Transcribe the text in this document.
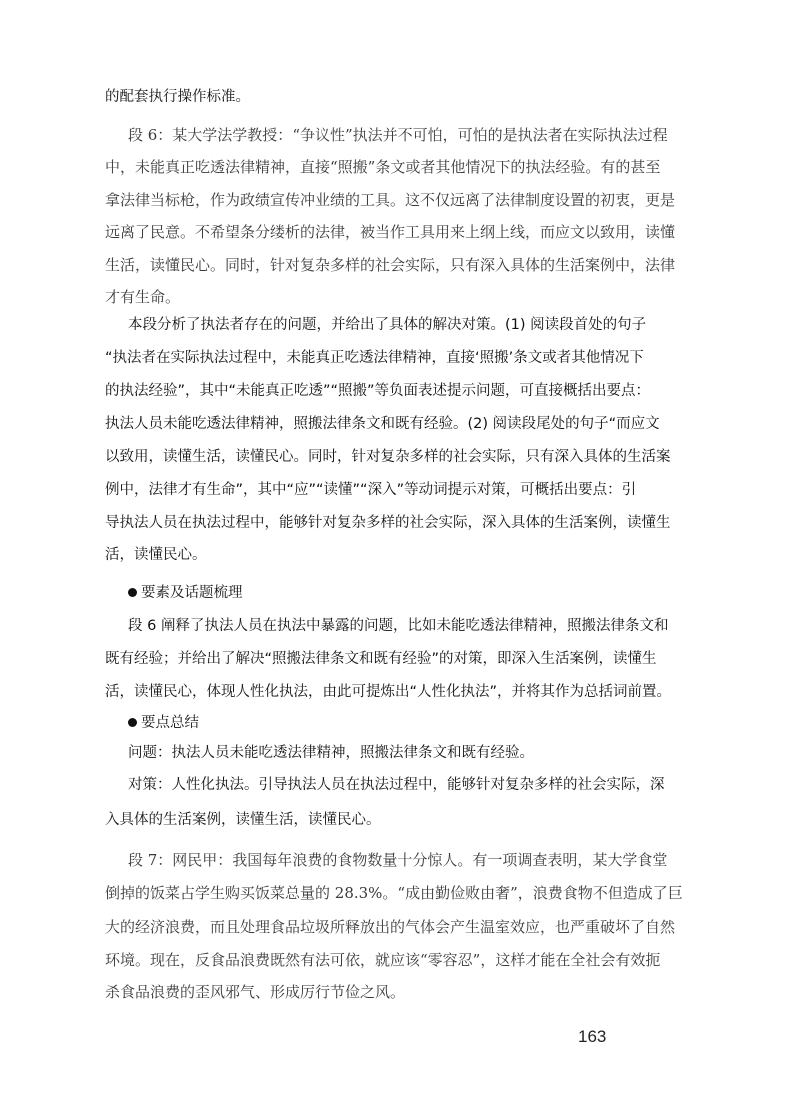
的配套执行操作标准。
段 6：某大学法学教授：“争议性”执法并不可怕，可怕的是执法者在实际执法过程
中，未能真正吃透法律精神，直接“照搬”条文或者其他情况下的执法经验。有的甚至
拿法律当标枪，作为政绩宣传冲业绩的工具。这不仅远离了法律制度设置的初衷，更是
远离了民意。不希望条分缕析的法律，被当作工具用来上纲上线，而应文以致用，读懂
生活，读懂民心。同时，针对复杂多样的社会实际，只有深入具体的生活案例中，法律
才有生命。
本段分析了执法者存在的问题，并给出了具体的解决对策。(1) 阅读段首处的句子
“执法者在实际执法过程中，未能真正吃透法律精神，直接‘照搬’条文或者其他情况下
的执法经验”，其中“未能真正吃透”“照搬”等负面表述提示问题，可直接概括出要点：
执法人员未能吃透法律精神，照搬法律条文和既有经验。(2) 阅读段尾处的句子“而应文
以致用，读懂生活，读懂民心。同时，针对复杂多样的社会实际，只有深入具体的生活案
例中，法律才有生命”，其中“应”“读懂”“深入”等动词提示对策，可概括出要点：引
导执法人员在执法过程中，能够针对复杂多样的社会实际，深入具体的生活案例，读懂生
活，读懂民心。
要素及话题梳理
段 6 阐释了执法人员在执法中暴露的问题，比如未能吃透法律精神，照搬法律条文和
既有经验；并给出了解决“照搬法律条文和既有经验”的对策，即深入生活案例，读懂生
活，读懂民心，体现人性化执法，由此可提炼出“人性化执法”，并将其作为总括词前置。
要点总结
问题：执法人员未能吃透法律精神，照搬法律条文和既有经验。
对策：人性化执法。引导执法人员在执法过程中，能够针对复杂多样的社会实际，深
入具体的生活案例，读懂生活，读懂民心。
段 7：网民甲：我国每年浪费的食物数量十分惊人。有一项调查表明，某大学食堂
倒掉的饭菜占学生购买饭菜总量的 28.3%。“成由勤俭败由奢”，浪费食物不但造成了巨
大的经济浪费，而且处理食品垃圾所释放出的气体会产生温室效应，也严重破坏了自然
环境。现在，反食品浪费既然有法可依，就应该“零容忍”，这样才能在全社会有效扼
杀食品浪费的歪风邪气、形成厉行节俭之风。
163
